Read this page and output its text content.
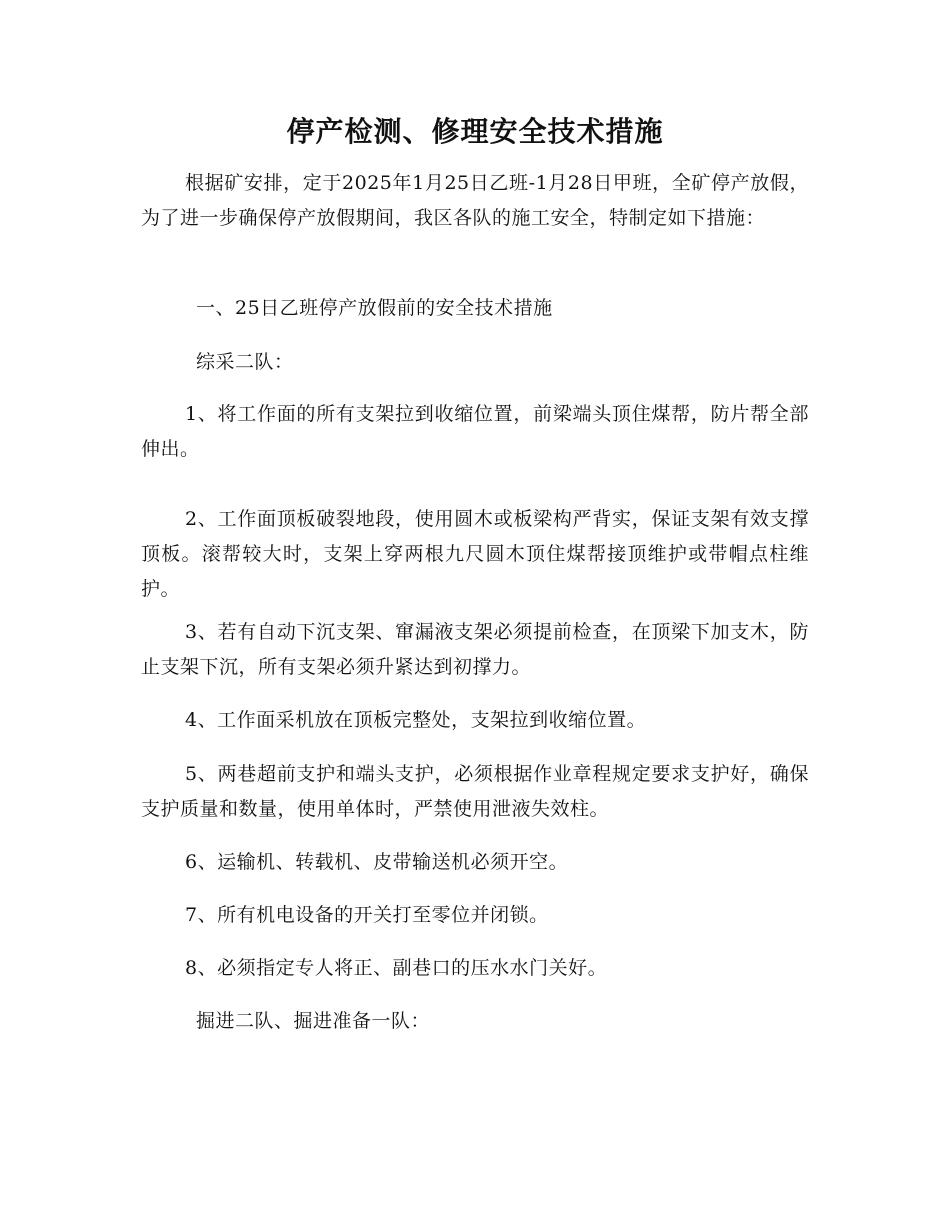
停产检测、修理安全技术措施

根据矿安排，定于2025年1月25日乙班-1月28日甲班，全矿停产放假，为了进一步确保停产放假期间，我区各队的施工安全，特制定如下措施：

一、25日乙班停产放假前的安全技术措施

综采二队：

1、将工作面的所有支架拉到收缩位置，前梁端头顶住煤帮，防片帮全部伸出。

2、工作面顶板破裂地段，使用圆木或板梁构严背实，保证支架有效支撑顶板。滚帮较大时，支架上穿两根九尺圆木顶住煤帮接顶维护或带帽点柱维护。

3、若有自动下沉支架、窜漏液支架必须提前检查，在顶梁下加支木，防止支架下沉，所有支架必须升紧达到初撑力。

4、工作面采机放在顶板完整处，支架拉到收缩位置。

5、两巷超前支护和端头支护，必须根据作业章程规定要求支护好，确保支护质量和数量，使用单体时，严禁使用泄液失效柱。

6、运输机、转载机、皮带输送机必须开空。

7、所有机电设备的开关打至零位并闭锁。

8、必须指定专人将正、副巷口的压水水门关好。

掘进二队、掘进准备一队：
